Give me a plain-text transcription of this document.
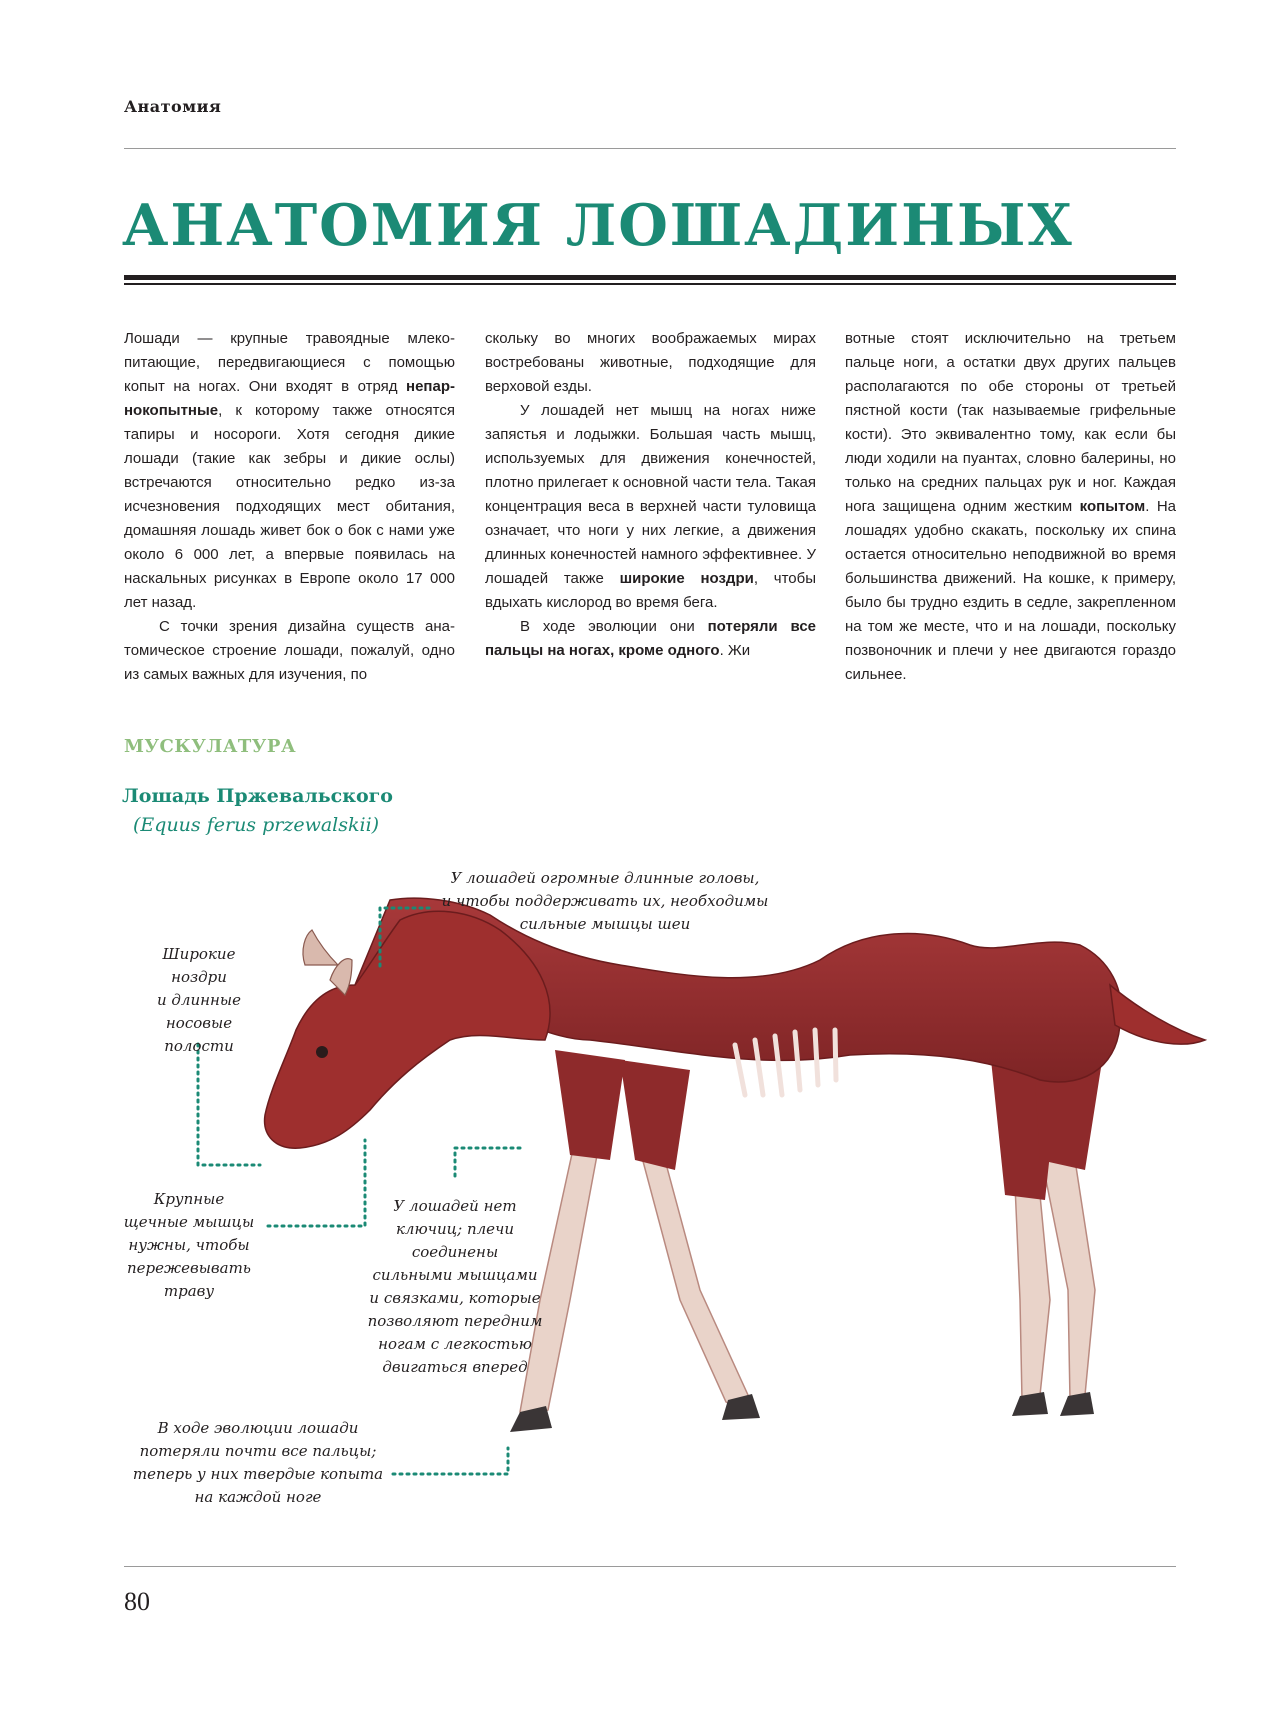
Анатомия
АНАТОМИЯ ЛОШАДИНЫХ

Лошади — крупные травоядные млекопитающие, передвигающиеся с помощью копыт на ногах. Они входят в отряд непарнокопытные, к которому также относятся тапиры и носороги. Хотя сегодня дикие лошади (такие как зебры и дикие ослы) встречаются относительно редко из-за исчезновения подходящих мест обитания, домашняя лошадь живет бок о бок с нами уже около 6 000 лет, а впервые появилась на наскальных рисунках в Европе около 17 000 лет назад.

С точки зрения дизайна существ анатомическое строение лошади, пожалуй, одно из самых важных для изучения, по

скольку во многих воображаемых мирах востребованы животные, подходящие для верховой езды.

У лошадей нет мышц на ногах ниже запястья и лодыжки. Большая часть мышц, используемых для движения конечностей, плотно прилегает к основной части тела. Такая концентрация веса в верхней части туловища означает, что ноги у них легкие, а движения длинных конечностей намного эффективнее. У лошадей также широкие ноздри, чтобы вдыхать кислород во время бега.

В ходе эволюции они потеряли все пальцы на ногах, кроме одного. Жи

вотные стоят исключительно на третьем пальце ноги, а остатки двух других пальцев располагаются по обе стороны от третьей пястной кости (так называемые грифельные кости). Это эквивалентно тому, как если бы люди ходили на пуантах, словно балерины, но только на средних пальцах рук и ног. Каждая нога защищена одним жестким копытом. На лошадях удобно скакать, поскольку их спина остается относительно неподвижной во время большинства движений. На кошке, к примеру, было бы трудно ездить в седле, закрепленном на том же месте, что и на лошади, поскольку позвоночник и плечи у нее двигаются гораздо сильнее.

МУСКУЛАТУРА
Лошадь Пржевальского
(Equus ferus przewalskii)
У лошадей огромные длинные головы,
и чтобы поддерживать их, необходимы
сильные мышцы шеи
Широкие
ноздри
и длинные
носовые
полости
Крупные
щечные мышцы
нужны, чтобы
пережевывать
траву
У лошадей нет
ключиц; плечи
соединены
сильными мышцами
и связками, которые
позволяют передним
ногам с легкостью
двигаться вперед
В ходе эволюции лошади
потеряли почти все пальцы;
теперь у них твердые копыта
на каждой ноге
80
